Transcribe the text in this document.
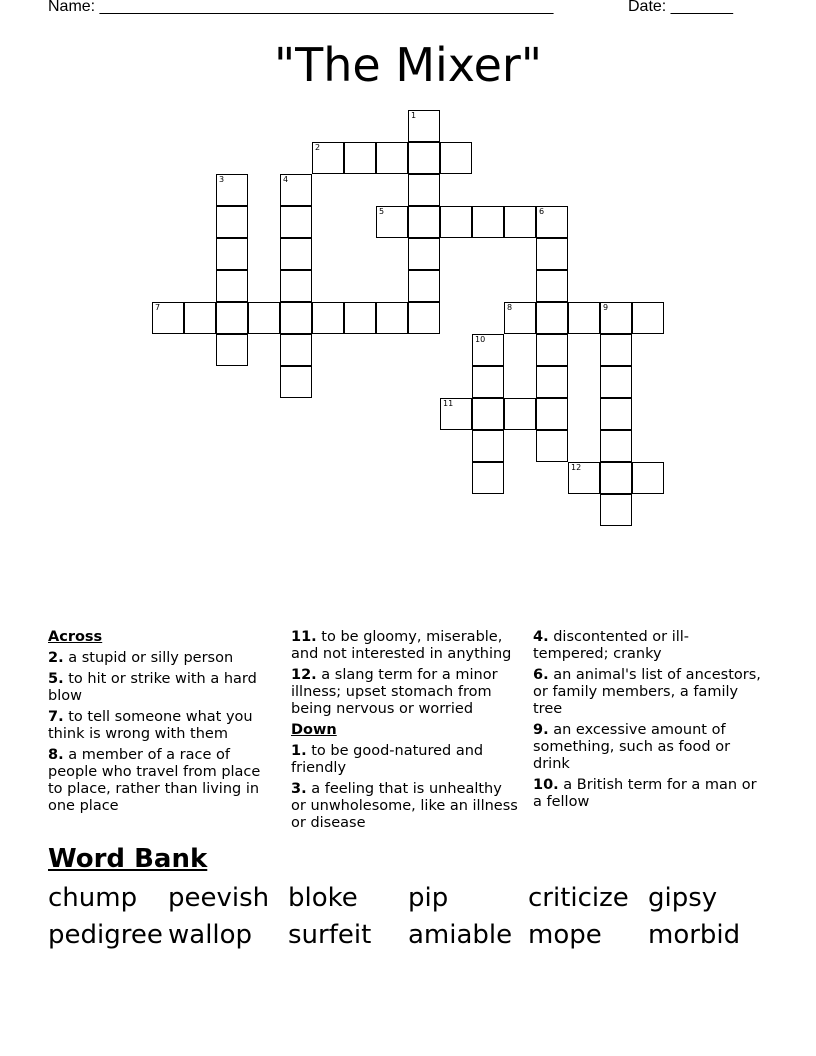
Name: ___________________________________________________	Date: _______
"The Mixer"
1
2
3	4
5	6
7	8	9
10
11
12
Across
2. a stupid or silly person
5. to hit or strike with a hard blow
7. to tell someone what you think is wrong with them
8. a member of a race of people who travel from place to place, rather than living in one place
11. to be gloomy, miserable, and not interested in anything
12. a slang term for a minor illness; upset stomach from being nervous or worried
Down
1. to be good-natured and friendly
3. a feeling that is unhealthy or unwholesome, like an illness or disease
4. discontented or ill-tempered; cranky
6. an animal's list of ancestors, or family members, a family tree
9. an excessive amount of something, such as food or drink
10. a British term for a man or a fellow
Word Bank
chump peevish bloke pip	criticize gipsy
pedigree wallop surfeit amiable mope morbid
